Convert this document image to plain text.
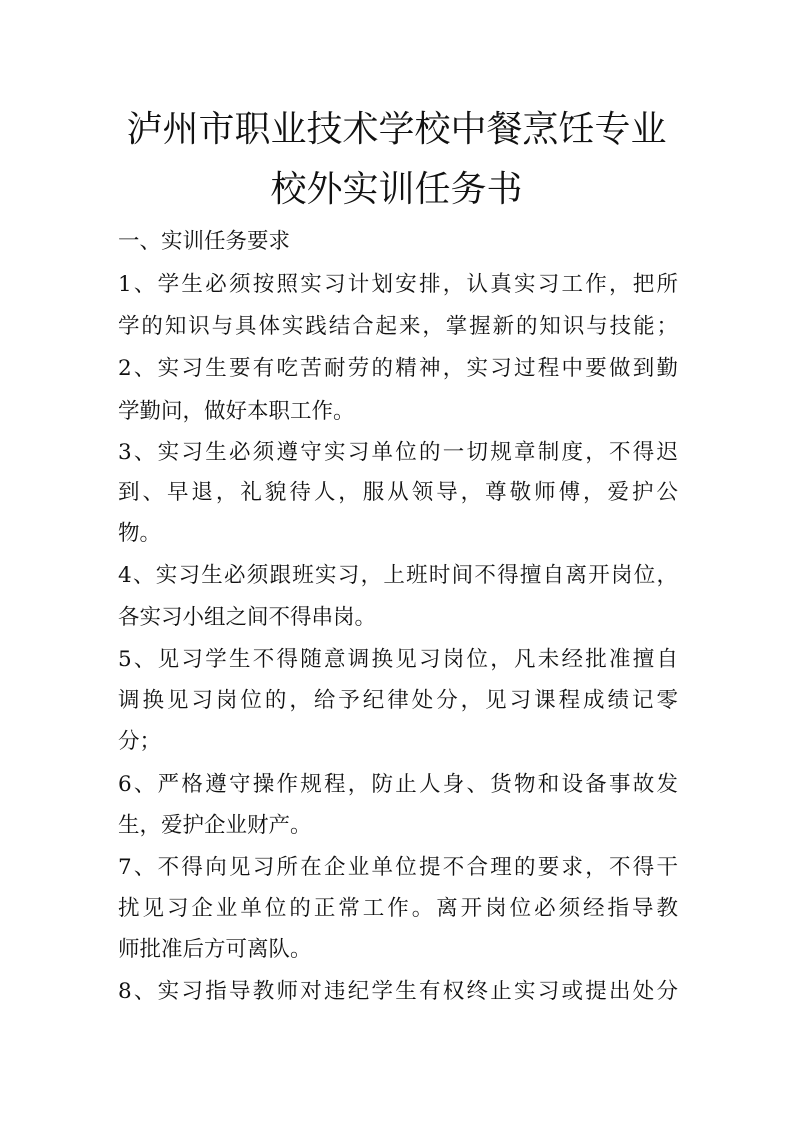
泸州市职业技术学校中餐烹饪专业
校外实训任务书
一、实训任务要求
1、学生必须按照实习计划安排，认真实习工作，把所
学的知识与具体实践结合起来，掌握新的知识与技能；
2、实习生要有吃苦耐劳的精神，实习过程中要做到勤
学勤问，做好本职工作。
3、实习生必须遵守实习单位的一切规章制度，不得迟
到、早退，礼貌待人，服从领导，尊敬师傅，爱护公
物。
4、实习生必须跟班实习，上班时间不得擅自离开岗位，
各实习小组之间不得串岗。
5、见习学生不得随意调换见习岗位，凡未经批准擅自
调换见习岗位的，给予纪律处分，见习课程成绩记零
分；
6、严格遵守操作规程，防止人身、货物和设备事故发
生，爱护企业财产。
7、不得向见习所在企业单位提不合理的要求，不得干
扰见习企业单位的正常工作。离开岗位必须经指导教
师批准后方可离队。
8、实习指导教师对违纪学生有权终止实习或提出处分
